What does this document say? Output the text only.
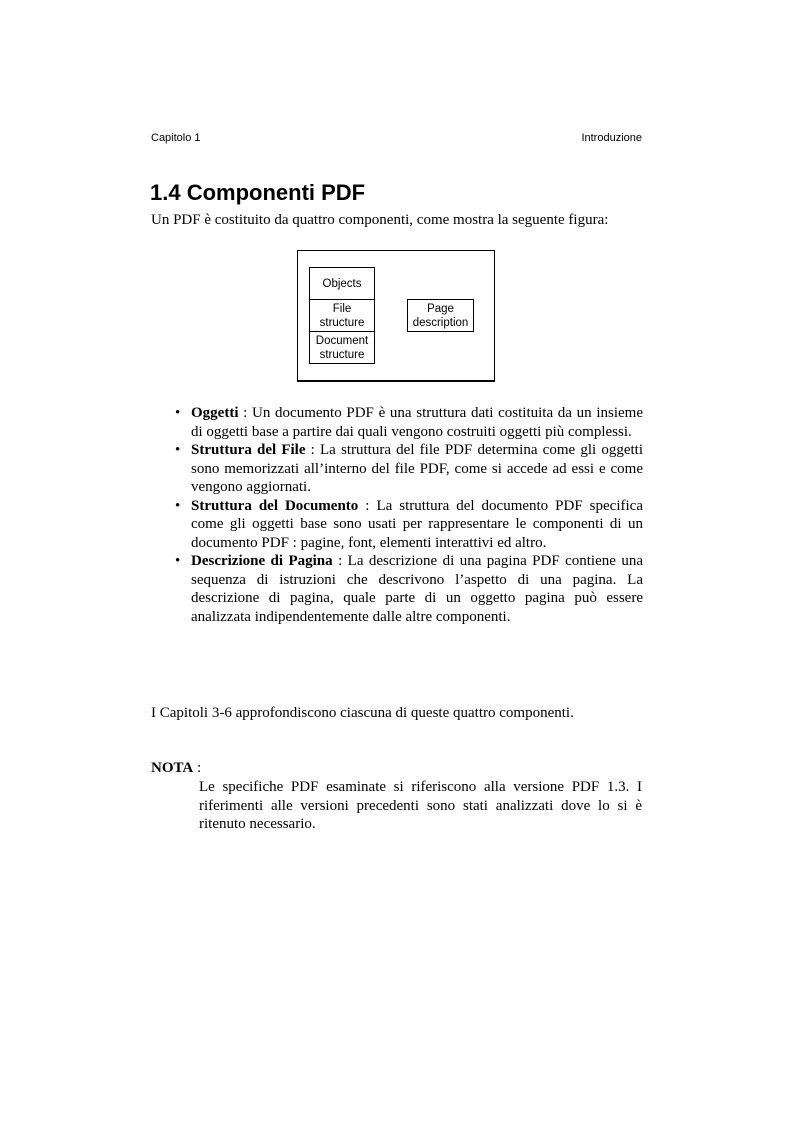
Capitolo 1	Introduzione
1.4 Componenti PDF
Un PDF è costituito da quattro componenti, come mostra la seguente figura:
Objects
File
structure
Document
structure
Page
description
• Oggetti : Un documento PDF è una struttura dati costituita da un insieme di oggetti base a partire dai quali vengono costruiti oggetti più complessi.
• Struttura del File : La struttura del file PDF determina come gli oggetti sono memorizzati all’interno del file PDF, come si accede ad essi e come vengono aggiornati.
• Struttura del Documento : La struttura del documento PDF specifica come gli oggetti base sono usati per rappresentare le componenti di un documento PDF : pagine, font, elementi interattivi ed altro.
• Descrizione di Pagina : La descrizione di una pagina PDF contiene una sequenza di istruzioni che descrivono l’aspetto di una pagina. La descrizione di pagina, quale parte di un oggetto pagina può essere analizzata indipendentemente dalle altre componenti.
I Capitoli 3-6 approfondiscono ciascuna di queste quattro componenti.
NOTA :
Le specifiche PDF esaminate si riferiscono alla versione PDF 1.3. I riferimenti alle versioni precedenti sono stati analizzati dove lo si è ritenuto necessario.
